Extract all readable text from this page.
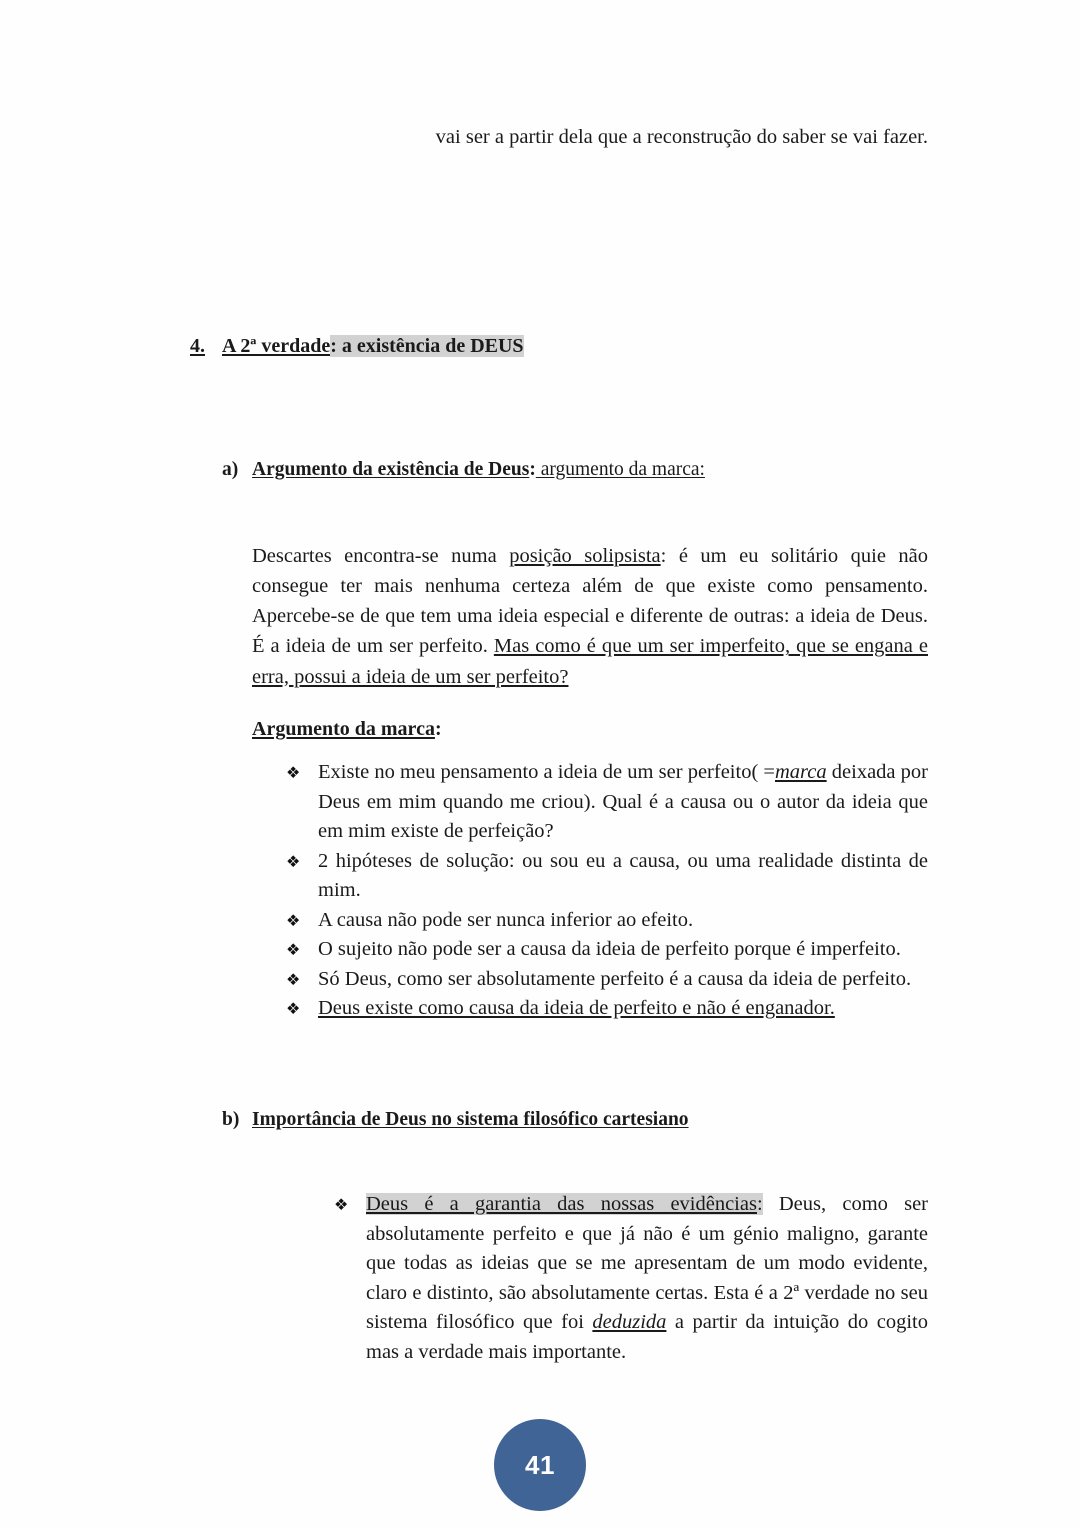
vai ser a partir dela que a reconstrução do saber se vai fazer.
4. A 2ª verdade: a existência de DEUS
a) Argumento da existência de Deus: argumento da marca:
Descartes encontra-se numa posição solipsista: é um eu solitário quie não consegue ter mais nenhuma certeza além de que existe como pensamento. Apercebe-se de que tem uma ideia especial e diferente de outras: a ideia de Deus. É a ideia de um ser perfeito. Mas como é que um ser imperfeito, que se engana e erra, possui a ideia de um ser perfeito?
Argumento da marca:
❖ Existe no meu pensamento a ideia de um ser perfeito( =marca deixada por Deus em mim quando me criou). Qual é a causa ou o autor da ideia que em mim existe de perfeição?
❖ 2 hipóteses de solução: ou sou eu a causa, ou uma realidade distinta de mim.
❖ A causa não pode ser nunca inferior ao efeito.
❖ O sujeito não pode ser a causa da ideia de perfeito porque é imperfeito.
❖ Só Deus, como ser absolutamente perfeito é a causa da ideia de perfeito.
❖ Deus existe como causa da ideia de perfeito e não é enganador.
b) Importância de Deus no sistema filosófico cartesiano
❖ Deus é a garantia das nossas evidências: Deus, como ser absolutamente perfeito e que já não é um génio maligno, garante que todas as ideias que se me apresentam de um modo evidente, claro e distinto, são absolutamente certas. Esta é a 2ª verdade no seu sistema filosófico que foi deduzida a partir da intuição do cogito mas a verdade mais importante.
41
